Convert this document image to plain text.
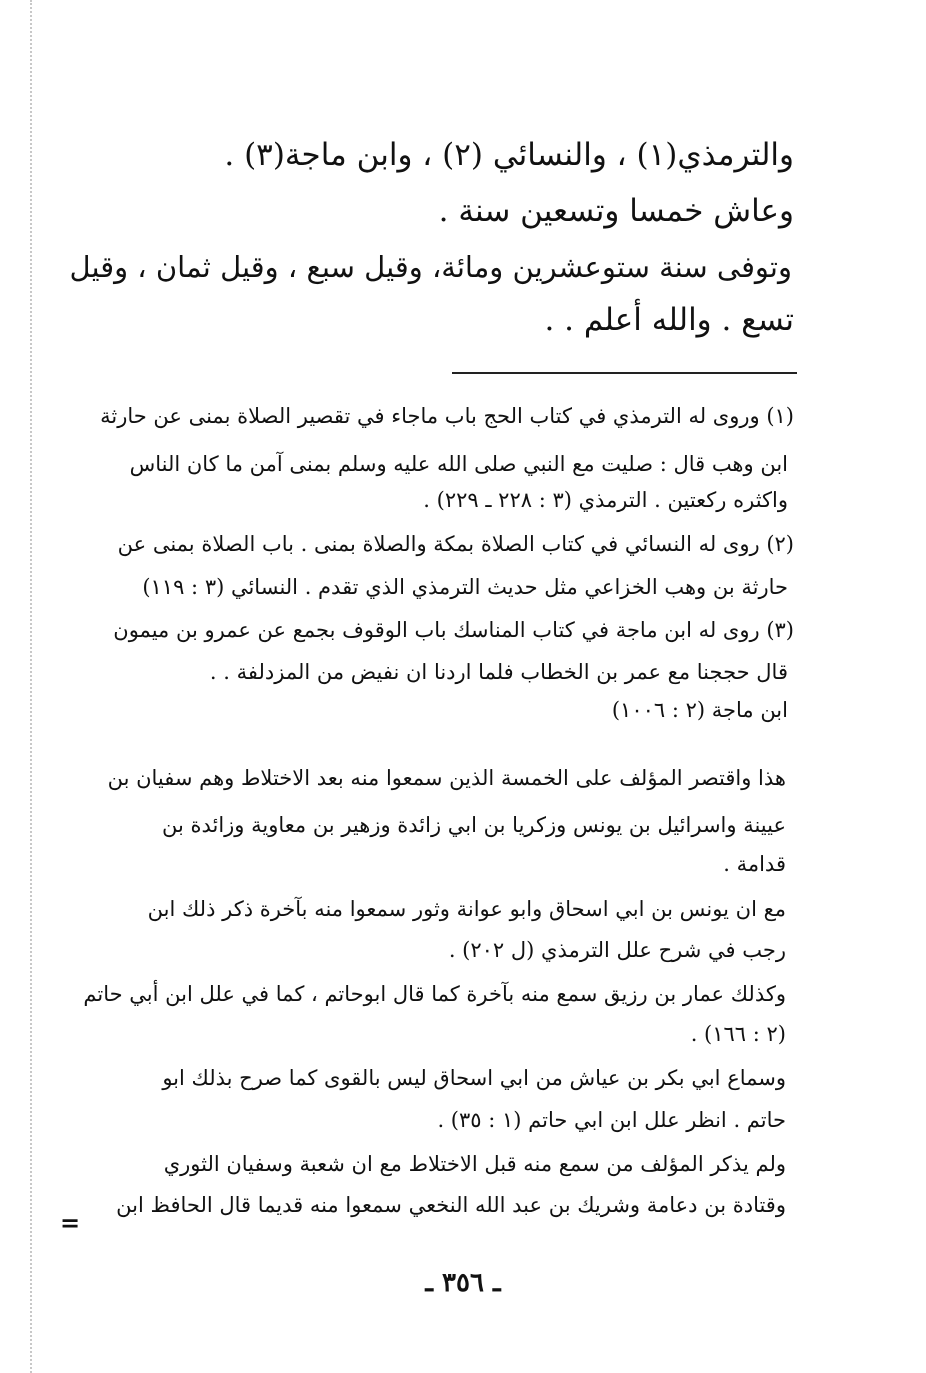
والترمذي(١) ، والنسائي (٢) ، وابن ماجة(٣) .
وعاش خمسا وتسعين سنة .
وتوفى سنة ستوعشرين ومائة، وقيل سبع ، وقيل ثمان ، وقيل
تسع . والله أعلم . .
(١) وروى له الترمذي في كتاب الحج باب ماجاء في تقصير الصلاة بمنى عن حارثة
ابن وهب قال : صليت مع النبي صلى الله عليه وسلم بمنى آمن ما كان الناس
واكثره ركعتين . الترمذي (٣ : ٢٢٨ ـ ٢٢٩) .
(٢) روى له النسائي في كتاب الصلاة بمكة والصلاة بمنى . باب الصلاة بمنى عن
حارثة بن وهب الخزاعي مثل حديث الترمذي الذي تقدم . النسائي (٣ : ١١٩)
(٣) روى له ابن ماجة في كتاب المناسك باب الوقوف بجمع عن عمرو بن ميمون
قال حججنا مع عمر بن الخطاب فلما اردنا ان نفيض من المزدلفة . .
ابن ماجة (٢ : ١٠٠٦)
هذا واقتصر المؤلف على الخمسة الذين سمعوا منه بعد الاختلاط وهم سفيان بن
عيينة واسرائيل بن يونس وزكريا بن ابي زائدة وزهير بن معاوية وزائدة بن
قدامة .
مع ان يونس بن ابي اسحاق وابو عوانة وثور سمعوا منه بآخرة ذكر ذلك ابن
رجب في شرح علل الترمذي (ل ٢٠٢) .
وكذلك عمار بن رزيق سمع منه بآخرة كما قال ابوحاتم ، كما في علل ابن أبي حاتم
(٢ : ١٦٦) .
وسماع ابي بكر بن عياش من ابي اسحاق ليس بالقوى كما صرح بذلك ابو
حاتم . انظر علل ابن ابي حاتم (١ : ٣٥) .
ولم يذكر المؤلف من سمع منه قبل الاختلاط مع ان شعبة وسفيان الثوري
وقتادة بن دعامة وشريك بن عبد الله النخعي سمعوا منه قديما قال الحافظ ابن
=
ـ ٣٥٦ ـ
